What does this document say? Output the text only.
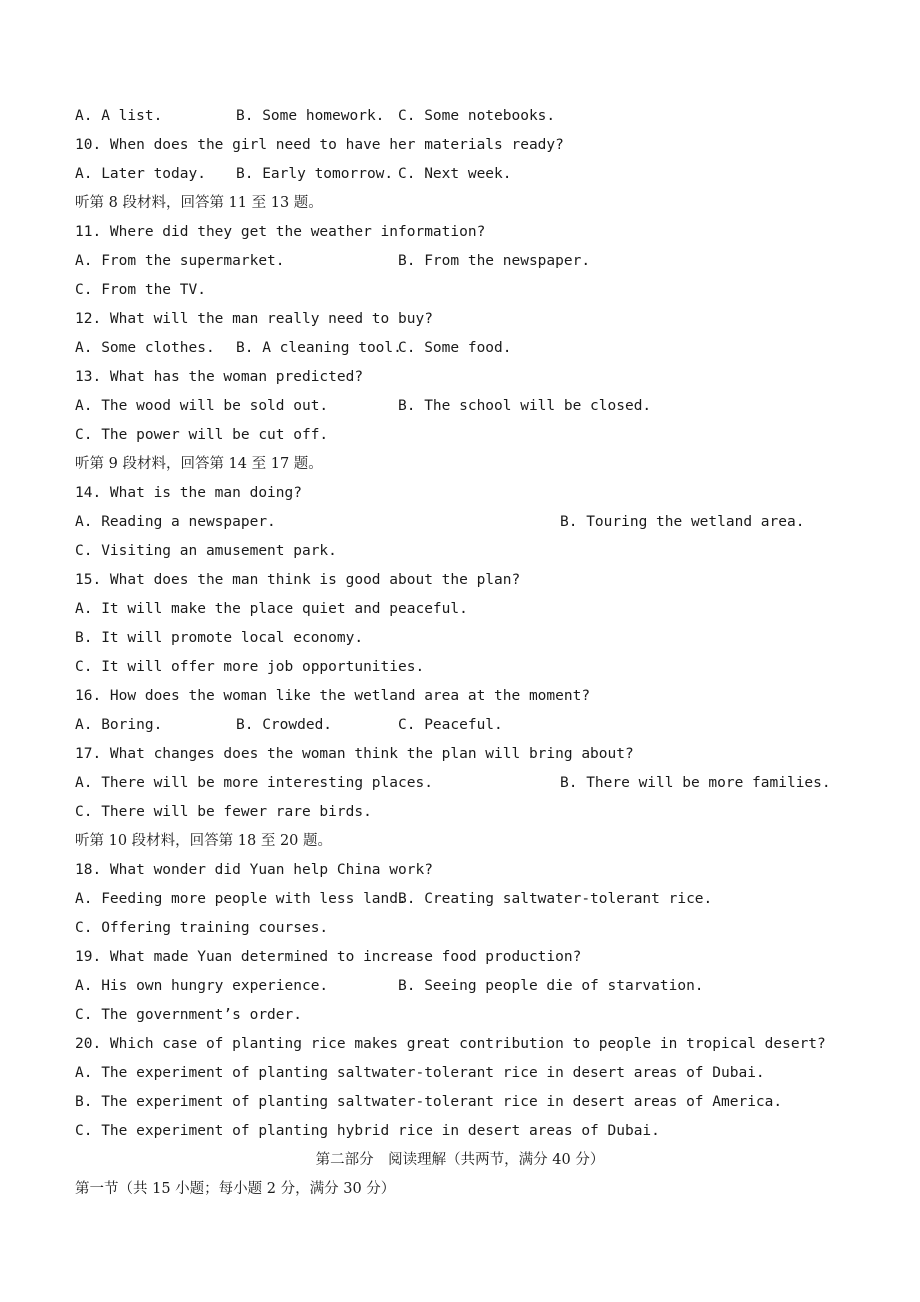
A. A list.	B. Some homework. C. Some notebooks.
10. When does the girl need to have her materials ready?
A. Later today. B. Early tomorrow. C. Next week.
听第 8 段材料，回答第 11 至 13 题。
11. Where did they get the weather information?
A. From the supermarket.	B. From the newspaper.
C. From the TV.
12. What will the man really need to buy?
A. Some clothes. B. A cleaning tool.
C. Some food.
13. What has the woman predicted?
A. The wood will be sold out.	B. The school will be closed.
C. The power will be cut off.
听第 9 段材料，回答第 14 至 17 题。
14. What is the man doing?
A. Reading a newspaper.	B. Touring the wetland area.
C. Visiting an amusement park.
15. What does the man think is good about the plan?
A. It will make the place quiet and peaceful.
B. It will promote local economy.
C. It will offer more job opportunities.
16. How does the woman like the wetland area at the moment?
A. Boring.	B. Crowded.	C. Peaceful.
17. What changes does the woman think the plan will bring about?
A. There will be more interesting places.	B. There will be more families.
C. There will be fewer rare birds.
听第 10 段材料，回答第 18 至 20 题。
18. What wonder did Yuan help China work?
A. Feeding more people with less land.
B. Creating saltwater-tolerant rice.
C. Offering training courses.
19. What made Yuan determined to increase food production?
A. His own hungry experience.	B. Seeing people die of starvation.
C. The government’s order.
20. Which case of planting rice makes great contribution to people in tropical desert?
A. The experiment of planting saltwater-tolerant rice in desert areas of Dubai.
B. The experiment of planting saltwater-tolerant rice in desert areas of America.
C. The experiment of planting hybrid rice in desert areas of Dubai.
第二部分　阅读理解（共两节，满分 40 分）
第一节（共 15 小题；每小题 2 分，满分 30 分）
